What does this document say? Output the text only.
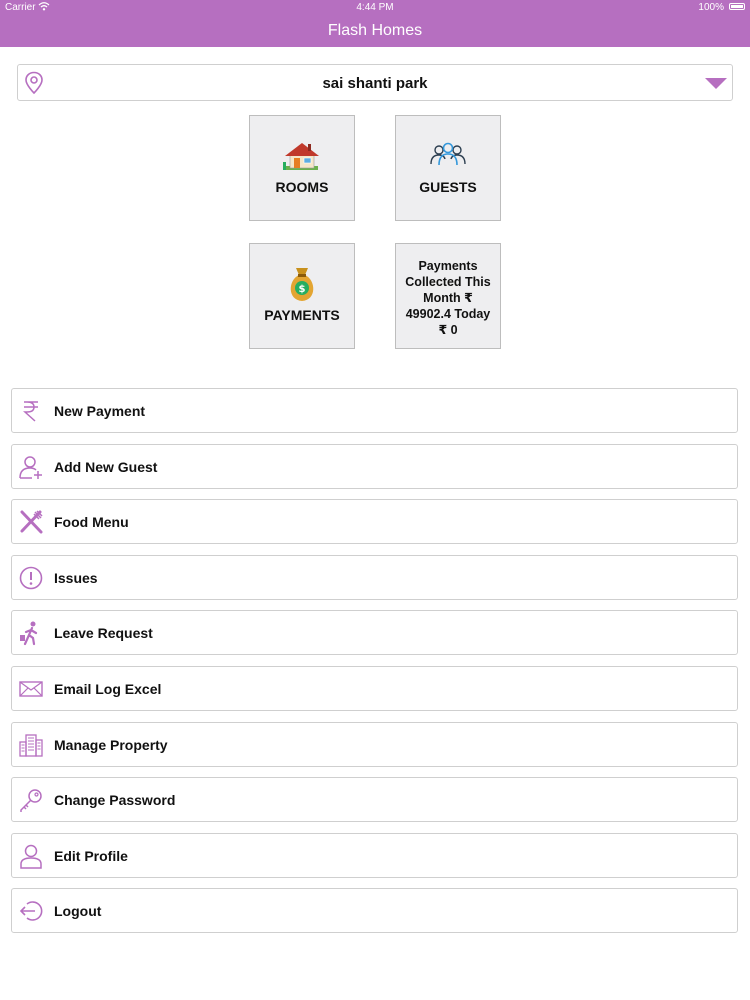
Carrier	4:44 PM	100%
Flash Homes
sai shanti park
ROOMS	GUESTS
$
PAYMENTS
Payments Collected This Month ₹ 49902.4 Today ₹ 0
New Payment
Add New Guest
Food Menu
Issues
Leave Request
Email Log Excel
Manage Property
Change Password
Edit Profile
Logout
